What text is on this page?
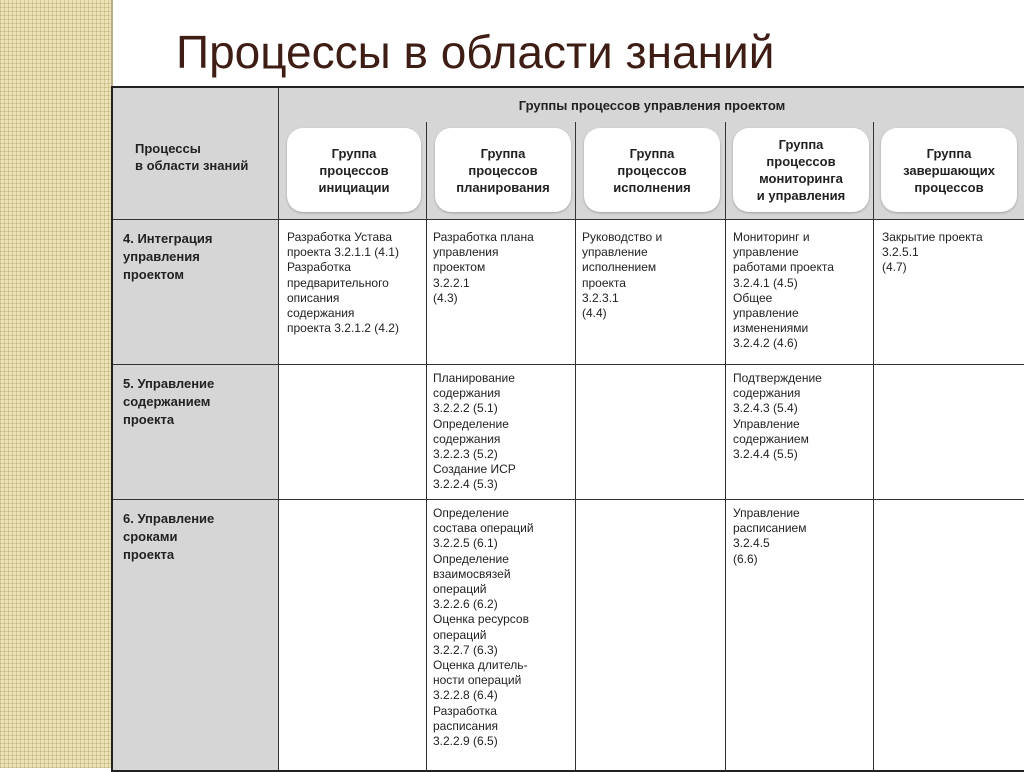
Процессы в области знаний
Процессы
в области знаний
Группы процессов управления проектом
Группа
процессов
инициации
Группа
процессов
планирования
Группа
процессов
исполнения
Группа
процессов
мониторинга
и управления
Группа
завершающих
процессов
4. Интеграция
управления
проектом
5. Управление
содержанием
проекта
6. Управление
сроками
проекта
Разработка Устава
проекта 3.2.1.1 (4.1)
Разработка
предварительного
описания
содержания
проекта 3.2.1.2 (4.2)
Разработка плана
управления
проектом
3.2.2.1
(4.3)
Руководство и
управление
исполнением
проекта
3.2.3.1
(4.4)
Мониторинг и
управление
работами проекта
3.2.4.1 (4.5)
Общее
управление
изменениями
3.2.4.2 (4.6)
Закрытие проекта
3.2.5.1
(4.7)
Планирование
содержания
3.2.2.2 (5.1)
Определение
содержания
3.2.2.3 (5.2)
Создание ИСР
3.2.2.4 (5.3)
Подтверждение
содержания
3.2.4.3 (5.4)
Управление
содержанием
3.2.4.4 (5.5)
Определение
состава операций
3.2.2.5 (6.1)
Определение
взаимосвязей
операций
3.2.2.6 (6.2)
Оценка ресурсов
операций
3.2.2.7 (6.3)
Оценка длитель-
ности операций
3.2.2.8 (6.4)
Разработка
расписания
3.2.2.9 (6.5)
Управление
расписанием
3.2.4.5
(6.6)
